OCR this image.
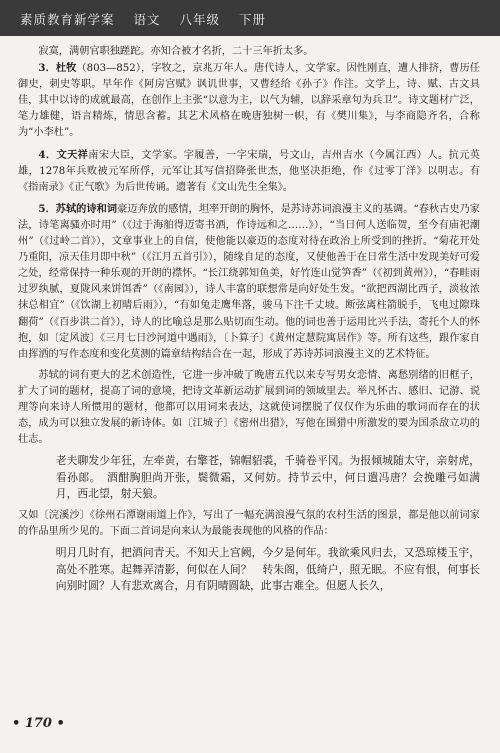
素质教育新学案 语文 八年级 下册

寂寞，满朝官职独蹉跎。亦知合被才名折，二十三年折太多。

3．杜牧（803—852），字牧之，京兆万年人。唐代诗人，文学家。因性刚直，遭人排挤，曹历任御史，刺史等职。早年作《阿房宫赋》讽讥世事，又曹经给《孙子》作注。文学上，诗、赋、古文具佳，其中以诗的成就最高，在创作上主张“以意为主，以气为辅，以辞采章句为兵卫”。诗文题材广泛，笔力雄健，语言精炼，情思含蓄。其艺术风格在晚唐独树一帜，有《樊川集》，与李商隐齐名，合称为“小李杜”。

4．文天祥南宋大臣，文学家。字履善，一字宋瑞，号文山，吉州吉水（今属江西）人。抗元英雄，1278年兵败被元军所俘，元军让其写信招降张世杰，他坚决拒绝，作《过零丁洋》以明志。有《指南录》《正气歌》为后世传诵。遗著有《文山先生全集》。

5．苏轼的诗和词豪迈奔放的感情，坦率开朗的胸怀，是苏诗苏词浪漫主义的基调。“春秋古史乃家法，诗笔离骚亦时用”（《过于海舶得迈寄书酒，作诗远和之……》），“当日何人送临贺，至今有庙祀潮州”（《过岭二首》），文章事业上的自信，使他能以豪迈的态度对待在政治上所受到的挫折。“菊花开处乃重阳，凉天佳月即中秋”（《江月五首引》），随缘自足的态度，又使他善于在日常生活中发现美好可爱之处，经常保持一种乐观的开朗的襟怀。“长江绕郭知鱼美，好竹连山觉笋香”（《初到黄州》），“春畦雨过罗纨腻，夏陇风来饼饵香”（《南园》），诗人丰富的联想常是向好处生发。“欲把西湖比西子，淡妆浓抹总相宜”（《饮湖上初晴后雨》），“有如兔走鹰隼落，骏马下注千丈坡。断弦离柱箭脱手，飞电过隙珠翻荷”（《百步洪二首》），诗人的比喻总是那么贴切而生动。他的词也善于运用比兴手法，寄托个人的怀抱，如〔定风波〕《三月七日沙河道中遇雨》，〔卜算子〕《黄州定慧院寓居作》等。所有这些，跟作家自由挥洒的写作态度和变化莫测的篇章结构结合在一起，形成了苏诗苏词浪漫主义的艺术特征。

苏轼的词有更大的艺术创造性，它进一步冲破了晚唐五代以来专写男女恋情、离愁别绪的旧框子，扩大了词的题材，提高了词的意境，把诗文革新运动扩展到词的领域里去。举凡怀古、感旧、记游、说理等向来诗人所惯用的题材，他都可以用词来表达，这就使词摆脱了仅仅作为乐曲的歌词而存在的状态，成为可以独立发展的新诗体。如〔江城子〕《密州出猎》，写他在围猎中所激发的要为国杀敌立功的壮志。

老夫聊发少年狂，左牵黄，右擎苍，锦帽貂裘，千骑卷平冈。为报倾城随太守，亲射虎，看孙郎。　酒酣胸胆尚开张，鬓微霜，又何妨。持节云中，何日遣冯唐？会挽雕弓如满月，西北望，射天狼。

又如〔浣溪沙〕《徐州石潭谢雨道上作》，写出了一幅充满浪漫气氛的农村生活的图景，都是他以前词家的作品里所少见的。下面二首词是向来认为最能表现他的风格的作品：

明月几时有，把酒问青天。不知天上宫阙，今夕是何年。我欲乘风归去，又恐琼楼玉宇，高处不胜寒。起舞弄清影，何似在人间？　转朱阁，低绮户，照无眠。不应有恨，何事长向别时圆？人有悲欢离合，月有阴晴圆缺，此事古难全。但愿人长久，

• 170 •
